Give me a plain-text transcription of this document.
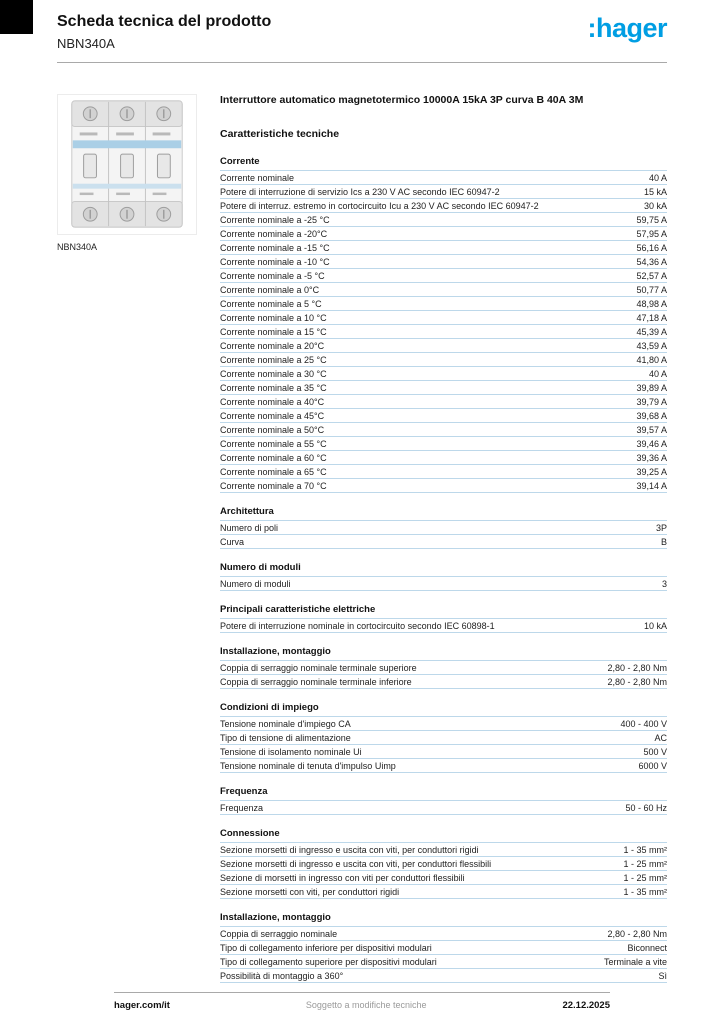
Scheda tecnica del prodotto
NBN340A
:hager
NBN340A
Interruttore automatico magnetotermico 10000A 15kA 3P curva B 40A 3M
Caratteristiche tecniche
Corrente
Corrente nominale	40 A
Potere di interruzione di servizio Ics a 230 V AC secondo IEC 60947-2	15 kA
Potere di interruz. estremo in cortocircuito Icu a 230 V AC secondo IEC 60947-2	30 kA
Corrente nominale a -25 °C	59,75 A
Corrente nominale a -20°C	57,95 A
Corrente nominale a -15 °C	56,16 A
Corrente nominale a -10 °C	54,36 A
Corrente nominale a -5 °C	52,57 A
Corrente nominale a 0°C	50,77 A
Corrente nominale a 5 °C	48,98 A
Corrente nominale a 10 °C	47,18 A
Corrente nominale a 15 °C	45,39 A
Corrente nominale a 20°C	43,59 A
Corrente nominale a 25 °C	41,80 A
Corrente nominale a 30 °C	40 A
Corrente nominale a 35 °C	39,89 A
Corrente nominale a 40°C	39,79 A
Corrente nominale a 45°C	39,68 A
Corrente nominale a 50°C	39,57 A
Corrente nominale a 55 °C	39,46 A
Corrente nominale a 60 °C	39,36 A
Corrente nominale a 65 °C	39,25 A
Corrente nominale a 70 °C	39,14 A
Architettura
Numero di poli	3P
Curva	B
Numero di moduli
Numero di moduli	3
Principali caratteristiche elettriche
Potere di interruzione nominale in cortocircuito secondo IEC 60898-1	10 kA
Installazione, montaggio
Coppia di serraggio nominale terminale superiore	2,80 - 2,80 Nm
Coppia di serraggio nominale terminale inferiore	2,80 - 2,80 Nm
Condizioni di impiego
Tensione nominale d'impiego CA	400 - 400 V
Tipo di tensione di alimentazione	AC
Tensione di isolamento nominale Ui	500 V
Tensione nominale di tenuta d'impulso Uimp	6000 V
Frequenza
Frequenza	50 - 60 Hz
Connessione
Sezione morsetti di ingresso e uscita con viti, per conduttori rigidi	1 - 35 mm²
Sezione morsetti di ingresso e uscita con viti, per conduttori flessibili	1 - 25 mm²
Sezione di morsetti in ingresso con viti per conduttori flessibili	1 - 25 mm²
Sezione morsetti con viti, per conduttori rigidi	1 - 35 mm²
Installazione, montaggio
Coppia di serraggio nominale	2,80 - 2,80 Nm
Tipo di collegamento inferiore per dispositivi modulari	Biconnect
Tipo di collegamento superiore per dispositivi modulari	Terminale a vite
Possibilità di montaggio a 360°	Sì
hager.com/it	Soggetto a modifiche tecniche	22.12.2025
